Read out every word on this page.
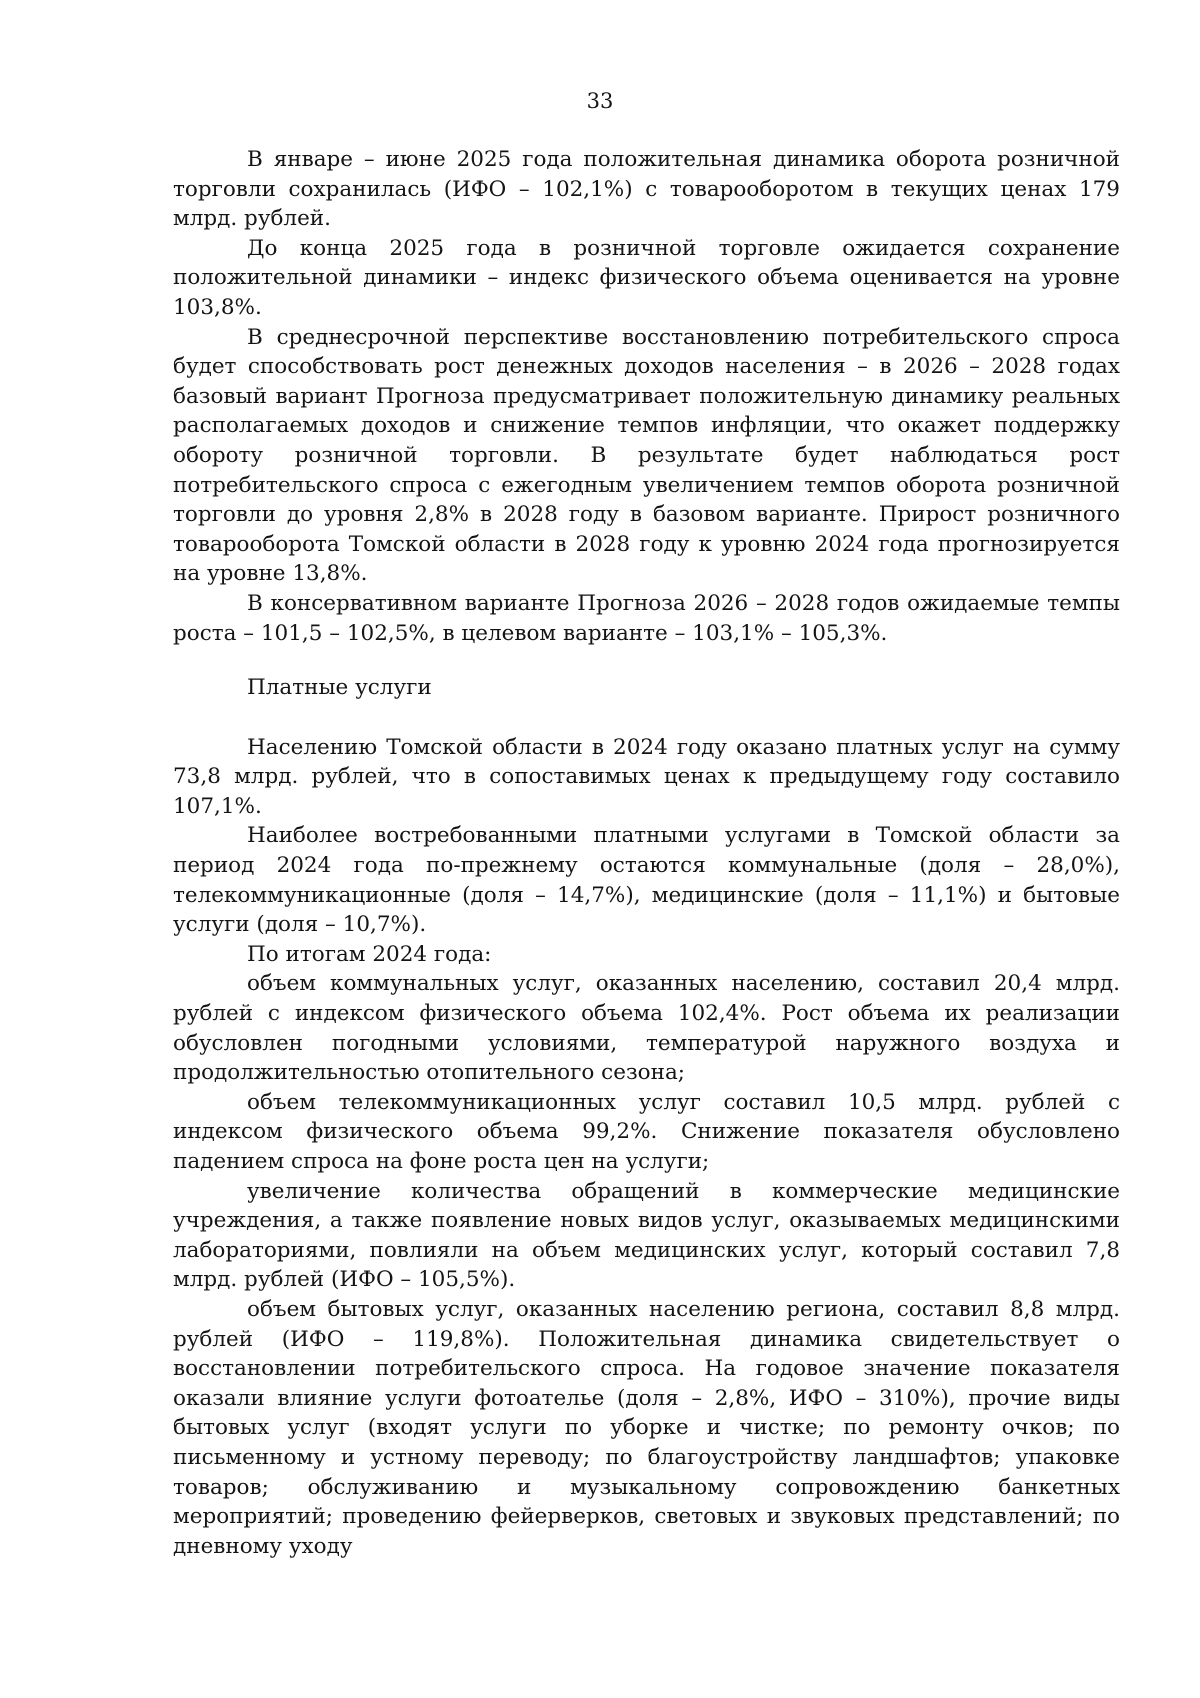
33

В январе – июне 2025 года положительная динамика оборота розничной торговли сохранилась (ИФО – 102,1%) с товарооборотом в текущих ценах 179 млрд. рублей.

До конца 2025 года в розничной торговле ожидается сохранение положительной динамики – индекс физического объема оценивается на уровне 103,8%.

В среднесрочной перспективе восстановлению потребительского спроса будет способствовать рост денежных доходов населения – в 2026 – 2028 годах базовый вариант Прогноза предусматривает положительную динамику реальных располагаемых доходов и снижение темпов инфляции, что окажет поддержку обороту розничной торговли. В результате будет наблюдаться рост потребительского спроса с ежегодным увеличением темпов оборота розничной торговли до уровня 2,8% в 2028 году в базовом варианте. Прирост розничного товарооборота Томской области в 2028 году к уровню 2024 года прогнозируется на уровне 13,8%.

В консервативном варианте Прогноза 2026 – 2028 годов ожидаемые темпы роста – 101,5 – 102,5%, в целевом варианте – 103,1% – 105,3%.

Платные услуги

Населению Томской области в 2024 году оказано платных услуг на сумму 73,8 млрд. рублей, что в сопоставимых ценах к предыдущему году составило 107,1%.

Наиболее востребованными платными услугами в Томской области за период 2024 года по-прежнему остаются коммунальные (доля – 28,0%), телекоммуникационные (доля – 14,7%), медицинские (доля – 11,1%) и бытовые услуги (доля – 10,7%).

По итогам 2024 года:

объем коммунальных услуг, оказанных населению, составил 20,4 млрд. рублей с индексом физического объема 102,4%. Рост объема их реализации обусловлен погодными условиями, температурой наружного воздуха и продолжительностью отопительного сезона;

объем телекоммуникационных услуг составил 10,5 млрд. рублей с индексом физического объема 99,2%. Снижение показателя обусловлено падением спроса на фоне роста цен на услуги;

увеличение количества обращений в коммерческие медицинские учреждения, а также появление новых видов услуг, оказываемых медицинскими лабораториями, повлияли на объем медицинских услуг, который составил 7,8 млрд. рублей (ИФО – 105,5%).

объем бытовых услуг, оказанных населению региона, составил 8,8 млрд. рублей (ИФО – 119,8%). Положительная динамика свидетельствует о восстановлении потребительского спроса. На годовое значение показателя оказали влияние услуги фотоателье (доля – 2,8%, ИФО – 310%), прочие виды бытовых услуг (входят услуги по уборке и чистке; по ремонту очков; по письменному и устному переводу; по благоустройству ландшафтов; упаковке товаров; обслуживанию и музыкальному сопровождению банкетных мероприятий; проведению фейерверков, световых и звуковых представлений; по дневному уходу
